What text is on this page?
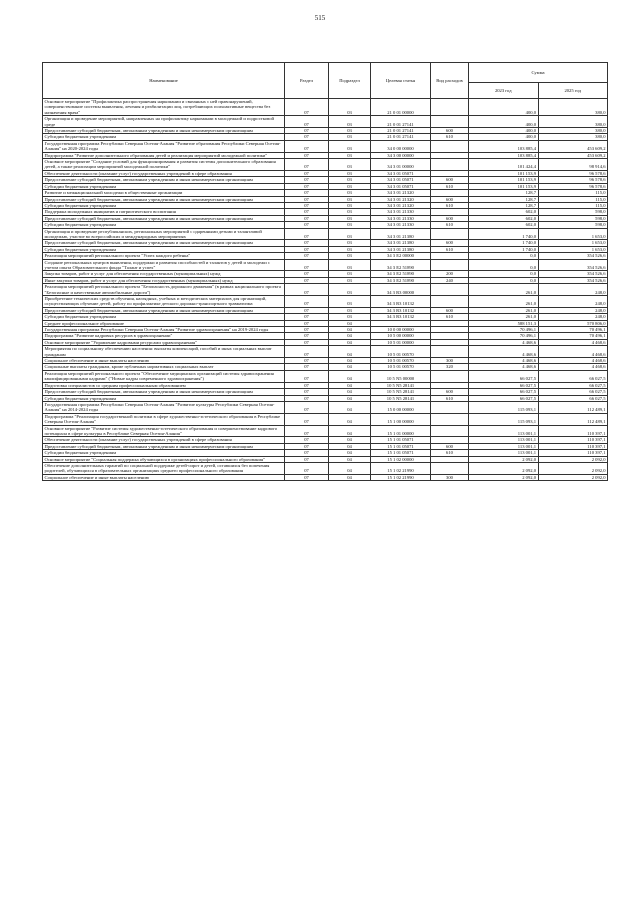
515
Наименование	Раздел	Подраздел	Целевая статья	Вид расходов	Сумма	
					2023 год	2025 год
Основное мероприятие "Профилактика распространения наркомании и связанных с ней правонарушений, совершенствование системы выявления, лечения и реабилитации лиц, потребляющих психоактивные вещества без назначения врача"	07	03	21 0 01 00000		400,0	380,0
Организация и проведение мероприятий, направленных на профилактику наркомании в молодежной и подростковой среде	07	03	21 0 01 27141		400,0	380,0
Предоставление субсидий бюджетным, автономным учреждениям и иным некоммерческим организациям	07	03	21 0 01 27141	600	400,0	380,0
Субсидии бюджетным учреждениям	07	03	21 0 01 27141	610	400,0	380,0
Государственная программа Республики Северная Осетия-Алания "Развитие образования Республики Северная Осетия-Алания" на 2020-2024 годы	07	03	34 0 00 00000		103 885,4	453 609,2
Подпрограмма "Развитие дополнительного образования детей и реализация мероприятий молодежной политики"	07	03	34 3 00 00000		103 885,4	453 609,2
Основное мероприятие "Создание условий для функционирования и развития системы дополнительного образования детей, а также реализации мероприятий молодежной политики"	07	03	34 3 01 00000		101 424,4	98 914,6
Обеспечение деятельности (оказание услуг) государственных учреждений в сфере образования	07	03	34 3 01 05071		101 153,9	96 578,6
Предоставление субсидий бюджетным, автономным учреждениям и иным некоммерческим организациям	07	03	34 3 01 05071	600	101 153,9	96 578,6
Субсидии бюджетным учреждениям	07	03	34 3 01 05071	610	101 153,9	96 578,6
Развитие и межнациональной молодежи в общественные организации	07	03	34 3 01 21320		128,7	115,0
Предоставление субсидий бюджетным, автономным учреждениям и иным некоммерческим организациям	07	03	34 3 01 21320	600	128,7	115,0
Субсидии бюджетным учреждениям	07	03	34 3 01 21320	610	128,7	115,0
Поддержка молодежных инициатив и патриотического воспитания	07	03	34 3 01 21330		602,0	598,0
Предоставление субсидий бюджетным, автономным учреждениям и иным некоммерческим организациям	07	03	34 3 01 21330	600	602,0	598,0
Субсидии бюджетным учреждениям	07	03	34 3 01 21330	610	602,0	598,0
Организация и проведение республиканских, региональных мероприятий с одаренными детьми и талантливой молодежью, участие во всероссийских и международных мероприятиях	07	03	34 3 01 21380		1 740,0	1 653,0
Предоставление субсидий бюджетным, автономным учреждениям и иным некоммерческим организациям	07	03	34 3 01 21380	600	1 740,0	1 653,0
Субсидии бюджетным учреждениям	07	03	34 3 01 21380	610	1 740,0	1 653,0
Реализация мероприятий регионального проекта "Успех каждого ребенка"	07	03	34 3 E2 00000		0,0	354 526,6
Создание региональных центров выявления, поддержки и развития способностей и талантов у детей и молодежи с учетом опыта Образовательного фонда "Талант и успех"	07	03	34 3 E2 51890		0,0	354 526,6
Закупка товаров, работ и услуг для обеспечения государственных (муниципальных) нужд	07	03	34 3 E2 51890	200	0,0	354 526,6
Иные закупки товаров, работ и услуг для обеспечения государственных (муниципальных) нужд	07	03	34 3 E2 51890	240	0,0	354 526,6
Реализация мероприятий регионального проекта "Безопасность дорожного движения" (в рамках национального проекта "Безопасные и качественные автомобильные дороги")	07	03	34 3 R3 00000		261,0	248,0
Приобретение технических средств обучения, наглядных, учебных и методических материалов для организаций, осуществляющих обучение детей, работу по профилактике детского дорожно-транспортного травматизма	07	03	34 3 R3 10132		261,0	248,0
Предоставление субсидий бюджетным, автономным учреждениям и иным некоммерческим организациям	07	03	34 3 R3 10132	600	261,0	248,0
Субсидии бюджетным учреждениям	07	03	34 3 R3 10132	610	261,0	248,0
Среднее профессиональное образование	07	04			588 151,3	570 806,0
Государственная программа Республики Северная Осетия-Алания "Развитие здравоохранения" на 2019-2024 годы	07	04	10 0 00 00000		70 496,1	70 496,1
Подпрограмма "Развитие кадровых ресурсов в здравоохранении"	07	04	10 5 00 00000		70 496,1	70 496,1
Основное мероприятие "Управление кадровыми ресурсами здравоохранения"	07	04	10 5 01 00000		4 468,6	4 468,6
Мероприятия по социальному обеспечению населения: выплаты компенсаций, пособий и иных социальных выплат гражданам	07	04	10 5 01 00570		4 468,6	4 468,6
Социальное обеспечение и иные выплаты населению	07	04	10 5 01 00570	300	4 468,6	4 468,6
Социальные выплаты гражданам, кроме публичных нормативных социальных выплат	07	04	10 5 01 00570	320	4 468,6	4 468,6
Реализация мероприятий регионального проекта "Обеспечение медицинских организаций системы здравоохранения квалифицированными кадрами" ("Новые кадры современного здравоохранения")	07	04	10 5 N5 00000		66 027,5	66 027,5
Подготовка специалистов со средним профессиональным образованием	07	04	10 5 N5 28141		66 027,5	66 027,5
Предоставление субсидий бюджетным, автономным учреждениям и иным некоммерческим организациям	07	04	10 5 N5 28141	600	66 027,5	66 027,5
Субсидии бюджетным учреждениям	07	04	10 5 N5 28141	610	66 027,5	66 027,5
Государственная программа Республики Северная Осетия-Алания "Развитие культуры Республики Северная Осетия-Алания" на 2014-2024 годы	07	04	15 0 00 00000		115 093,1	112 489,1
Подпрограмма "Реализация государственной политики в сфере художественно-эстетического образования в Республике Северная Осетия-Алания"	07	04	15 1 00 00000		115 093,1	112 489,1
Основное мероприятие "Развитие системы художественно-эстетического образования и совершенствование кадрового потенциала в сфере культуры в Республике Северная Осетия-Алания"	07	04	15 1 01 00000		113 001,1	110 397,1
Обеспечение деятельности (оказание услуг) государственных учреждений в сфере образования	07	04	15 1 01 05071		113 001,1	110 397,1
Предоставление субсидий бюджетным, автономным учреждениям и иным некоммерческим организациям	07	04	15 1 01 05071	600	113 001,1	110 397,1
Субсидии бюджетным учреждениям	07	04	15 1 01 05071	610	113 001,1	110 397,1
Основное мероприятие "Социальная поддержка обучающихся в организациях профессионального образования"	07	04	15 1 02 00000		2 092,0	2 092,0
Обеспечение дополнительных гарантий по социальной поддержке детей-сирот и детей, оставшихся без попечения родителей, обучающихся в образовательных организациях среднего профессионального образования	07	04	15 1 02 21990		2 092,0	2 092,0
Социальное обеспечение и иные выплаты населению	07	04	15 1 02 21990	300	2 092,0	2 092,0
